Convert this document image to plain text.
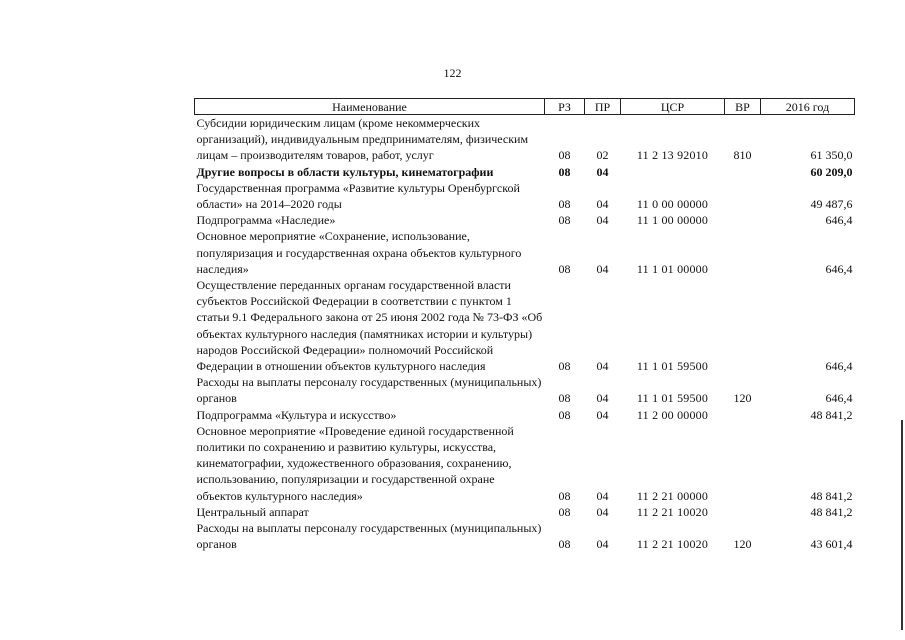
122
Наименование	РЗ	ПР	ЦСР	ВР	2016 год
Субсидии юридическим лицам (кроме некоммерческих организаций), индивидуальным предпринимателям, физическим лицам – производителям товаров, работ, услуг	08	02	11 2 13 92010	810	61 350,0
Другие вопросы в области культуры, кинематографии	08	04			60 209,0
Государственная программа «Развитие культуры Оренбургской области» на 2014–2020 годы	08	04	11 0 00 00000		49 487,6
Подпрограмма «Наследие»	08	04	11 1 00 00000		646,4
Основное мероприятие «Сохранение, использование, популяризация и государственная охрана объектов культурного наследия»	08	04	11 1 01 00000		646,4
Осуществление переданных органам государственной власти субъектов Российской Федерации в соответствии с пунктом 1 статьи 9.1 Федерального закона от 25 июня 2002 года № 73-ФЗ «Об объектах культурного наследия (памятниках истории и культуры) народов Российской Федерации» полномочий Российской Федерации в отношении объектов культурного наследия	08	04	11 1 01 59500		646,4
Расходы на выплаты персоналу государственных (муниципальных) органов	08	04	11 1 01 59500	120	646,4
Подпрограмма «Культура и искусство»	08	04	11 2 00 00000		48 841,2
Основное мероприятие «Проведение единой государственной политики по сохранению и развитию культуры, искусства, кинематографии, художественного образования, сохранению, использованию, популяризации и государственной охране объектов культурного наследия»	08	04	11 2 21 00000		48 841,2
Центральный аппарат	08	04	11 2 21 10020		48 841,2
Расходы на выплаты персоналу государственных (муниципальных) органов	08	04	11 2 21 10020	120	43 601,4
